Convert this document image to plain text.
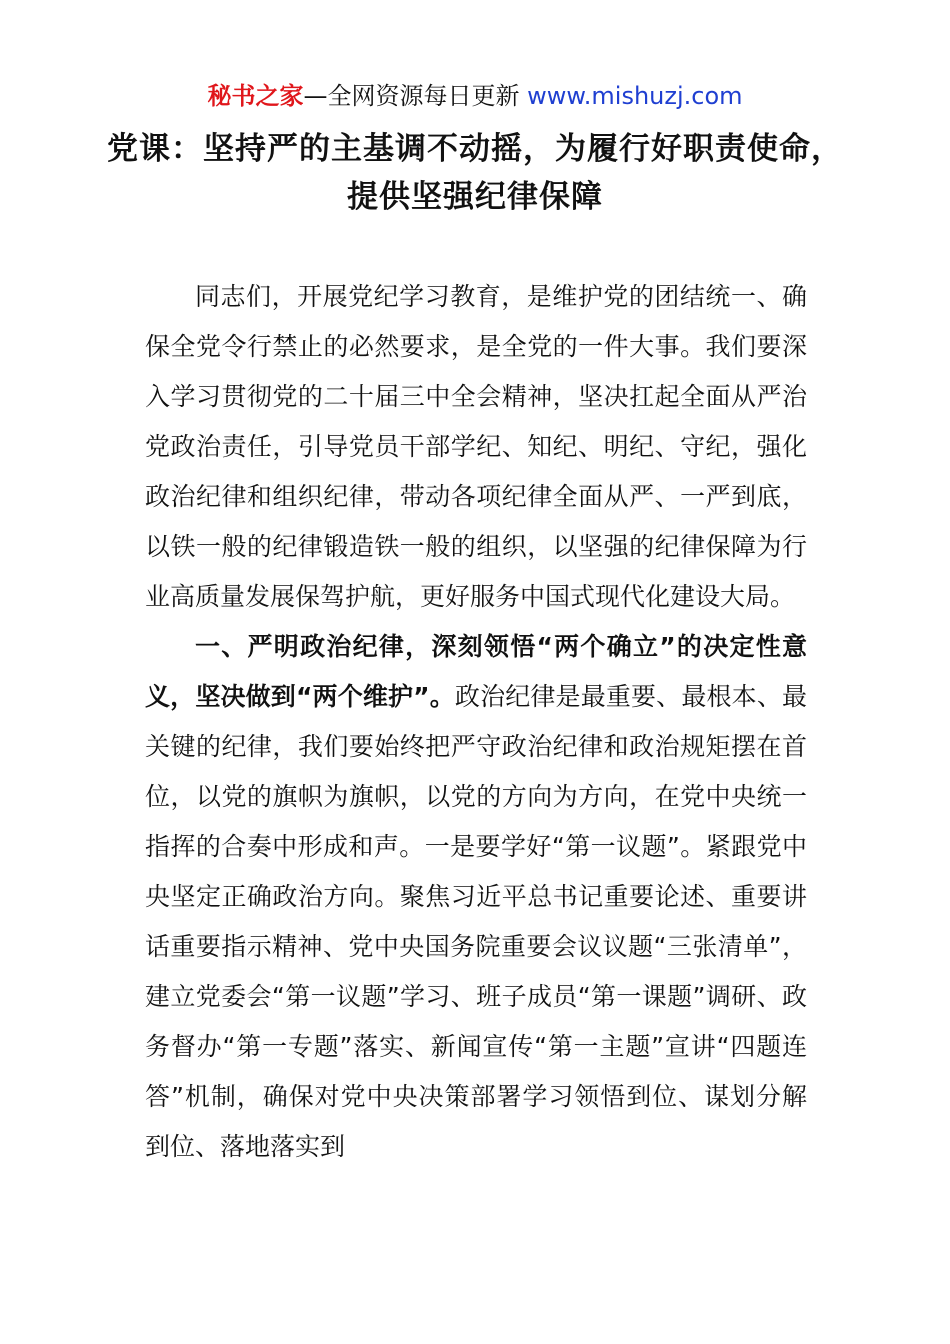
秘书之家—全网资源每日更新 www.mishuzj.com
党课：坚持严的主基调不动摇，为履行好职责使命，提供坚强纪律保障

同志们，开展党纪学习教育，是维护党的团结统一、确保全党令行禁止的必然要求，是全党的一件大事。我们要深入学习贯彻党的二十届三中全会精神，坚决扛起全面从严治党政治责任，引导党员干部学纪、知纪、明纪、守纪，强化政治纪律和组织纪律，带动各项纪律全面从严、一严到底，以铁一般的纪律锻造铁一般的组织，以坚强的纪律保障为行业高质量发展保驾护航，更好服务中国式现代化建设大局。

一、严明政治纪律，深刻领悟“两个确立”的决定性意义，坚决做到“两个维护”。政治纪律是最重要、最根本、最关键的纪律，我们要始终把严守政治纪律和政治规矩摆在首位，以党的旗帜为旗帜，以党的方向为方向，在党中央统一指挥的合奏中形成和声。一是要学好“第一议题”。紧跟党中央坚定正确政治方向。聚焦习近平总书记重要论述、重要讲话重要指示精神、党中央国务院重要会议议题“三张清单”，建立党委会“第一议题”学习、班子成员“第一课题”调研、政务督办“第一专题”落实、新闻宣传“第一主题”宣讲“四题连答”机制，确保对党中央决策部署学习领悟到位、谋划分解到位、落地落实到
